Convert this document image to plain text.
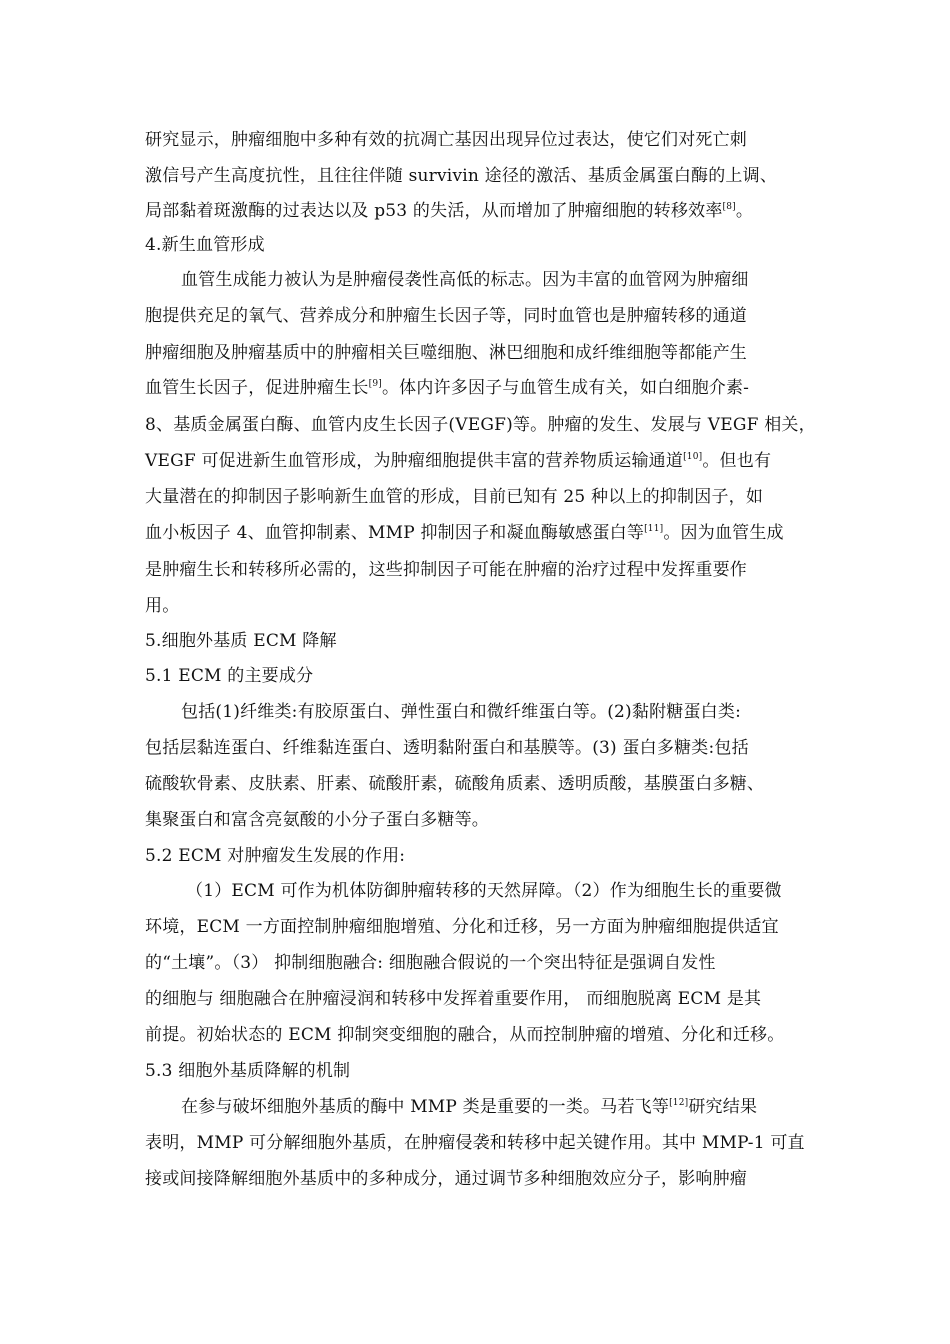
研究显示，肿瘤细胞中多种有效的抗凋亡基因出现异位过表达，使它们对死亡刺
激信号产生高度抗性，且往往伴随 survivin 途径的激活、基质金属蛋白酶的上调、
局部黏着斑激酶的过表达以及 p53 的失活，从而增加了肿瘤细胞的转移效率[8]。
4.新生血管形成
血管生成能力被认为是肿瘤侵袭性高低的标志。因为丰富的血管网为肿瘤细
胞提供充足的氧气、营养成分和肿瘤生长因子等，同时血管也是肿瘤转移的通道
肿瘤细胞及肿瘤基质中的肿瘤相关巨噬细胞、淋巴细胞和成纤维细胞等都能产生
血管生长因子，促进肿瘤生长[9]。体内许多因子与血管生成有关，如白细胞介素-
8、基质金属蛋白酶、血管内皮生长因子(VEGF)等。肿瘤的发生、发展与 VEGF 相关，
VEGF 可促进新生血管形成，为肿瘤细胞提供丰富的营养物质运输通道[10]。但也有
大量潜在的抑制因子影响新生血管的形成，目前已知有 25 种以上的抑制因子，如
血小板因子 4、血管抑制素、MMP 抑制因子和凝血酶敏感蛋白等[11]。因为血管生成
是肿瘤生长和转移所必需的，这些抑制因子可能在肿瘤的治疗过程中发挥重要作
用。
5.细胞外基质 ECM 降解
5.1 ECM 的主要成分
包括(1)纤维类:有胶原蛋白、弹性蛋白和微纤维蛋白等。(2)黏附糖蛋白类:
包括层黏连蛋白、纤维黏连蛋白、透明黏附蛋白和基膜等。(3) 蛋白多糖类:包括
硫酸软骨素、皮肤素、肝素、硫酸肝素，硫酸角质素、透明质酸，基膜蛋白多糖、
集聚蛋白和富含亮氨酸的小分子蛋白多糖等。
5.2 ECM 对肿瘤发生发展的作用:
（1）ECM 可作为机体防御肿瘤转移的天然屏障。（2）作为细胞生长的重要微
环境，ECM 一方面控制肿瘤细胞增殖、分化和迁移，另一方面为肿瘤细胞提供适宜
的“土壤”。（3） 抑制细胞融合: 细胞融合假说的一个突出特征是强调自发性
的细胞与 细胞融合在肿瘤浸润和转移中发挥着重要作用， 而细胞脱离 ECM 是其
前提。初始状态的 ECM 抑制突变细胞的融合，从而控制肿瘤的增殖、分化和迁移。
5.3 细胞外基质降解的机制
在参与破坏细胞外基质的酶中 MMP 类是重要的一类。马若飞等[12]研究结果
表明，MMP 可分解细胞外基质，在肿瘤侵袭和转移中起关键作用。其中 MMP-1 可直
接或间接降解细胞外基质中的多种成分，通过调节多种细胞效应分子，影响肿瘤
